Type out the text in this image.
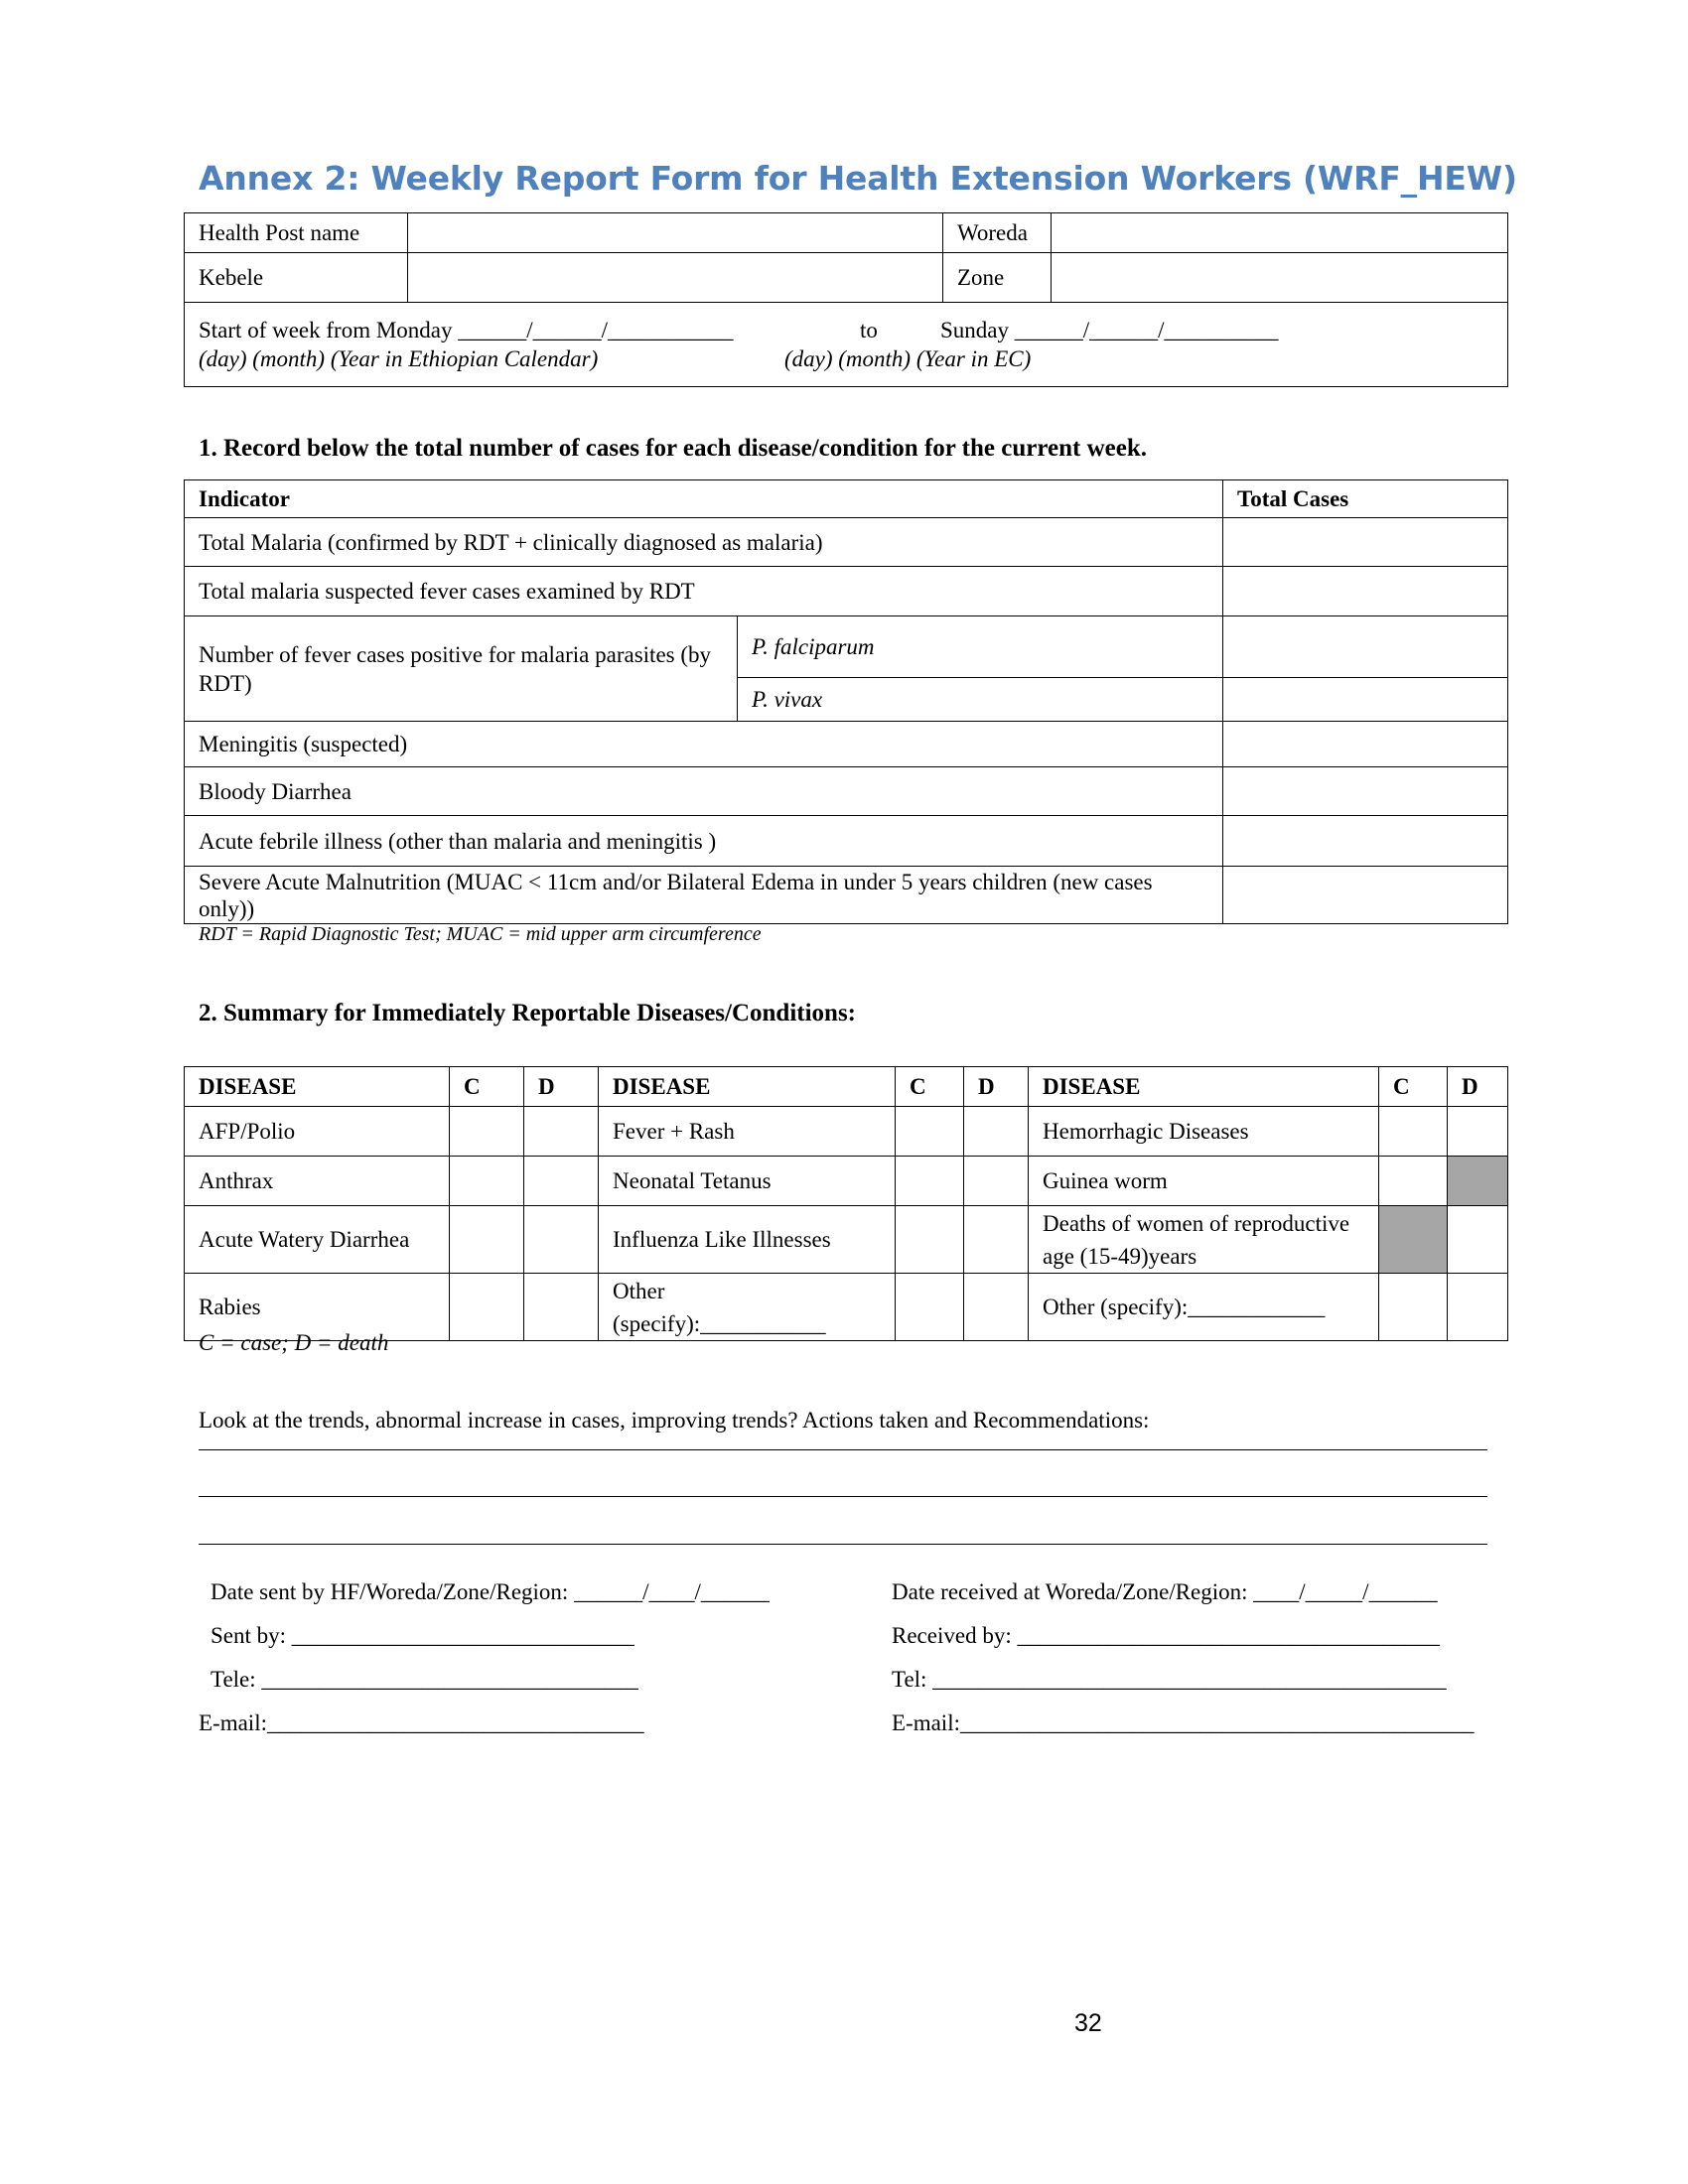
Annex 2: Weekly Report Form for Health Extension Workers (WRF_HEW)
Health Post name		Woreda	
Kebele		Zone	
Start of week from Monday ______/______/___________	to	Sunday ______/______/__________
(day) (month) (Year in Ethiopian Calendar)	(day) (month) (Year in EC)
1. Record below the total number of cases for each disease/condition for the current week.
Indicator		Total Cases
Total Malaria (confirmed by RDT + clinically diagnosed as malaria)		
Total malaria suspected fever cases examined by RDT		
Number of fever cases positive for malaria parasites (by RDT)	P. falciparum	
	P. vivax	
Meningitis (suspected)		
Bloody Diarrhea		
Acute febrile illness (other than malaria and meningitis )		
Severe Acute Malnutrition (MUAC < 11cm and/or Bilateral Edema in under 5 years children (new cases only))		
RDT = Rapid Diagnostic Test; MUAC = mid upper arm circumference
2. Summary for Immediately Reportable Diseases/Conditions:
DISEASE	C	D	DISEASE	C	D	DISEASE	C	D
AFP/Polio			Fever + Rash			Hemorrhagic Diseases		
Anthrax			Neonatal Tetanus			Guinea worm		
Acute Watery Diarrhea			Influenza Like Illnesses			Deaths of women of reproductive age (15-49)years		
Rabies			Other (specify):___________			Other (specify):____________		
C = case; D = death
Look at the trends, abnormal increase in cases, improving trends? Actions taken and Recommendations:
Date sent by HF/Woreda/Zone/Region: ______/____/______	Date received at Woreda/Zone/Region: ____/_____/______
Sent by: ______________________________	Received by: _____________________________________
Tele: _________________________________	Tel: _____________________________________________
E-mail:_________________________________	E-mail:_____________________________________________
32
